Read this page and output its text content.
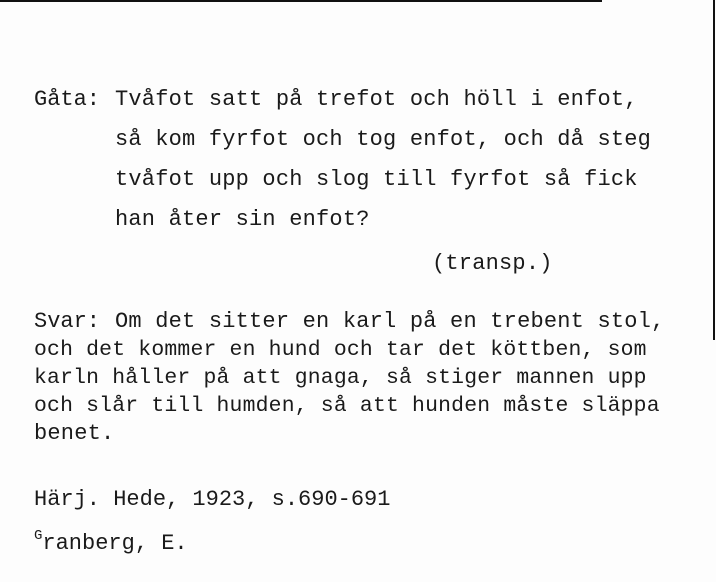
Gåta: Tvåfot satt på trefot och höll i enfot,
så kom fyrfot och tog enfot, och då steg
tvåfot upp och slog till fyrfot så fick
han åter sin enfot?
(transp.)
Svar: Om det sitter en karl på en trebent stol,
och det kommer en hund och tar det köttben, som
karln håller på att gnaga, så stiger mannen upp
och slår till humden, så att hunden måste släppa
benet.
Härj. Hede, 1923, s.690-691
$^G$ranberg, E.
